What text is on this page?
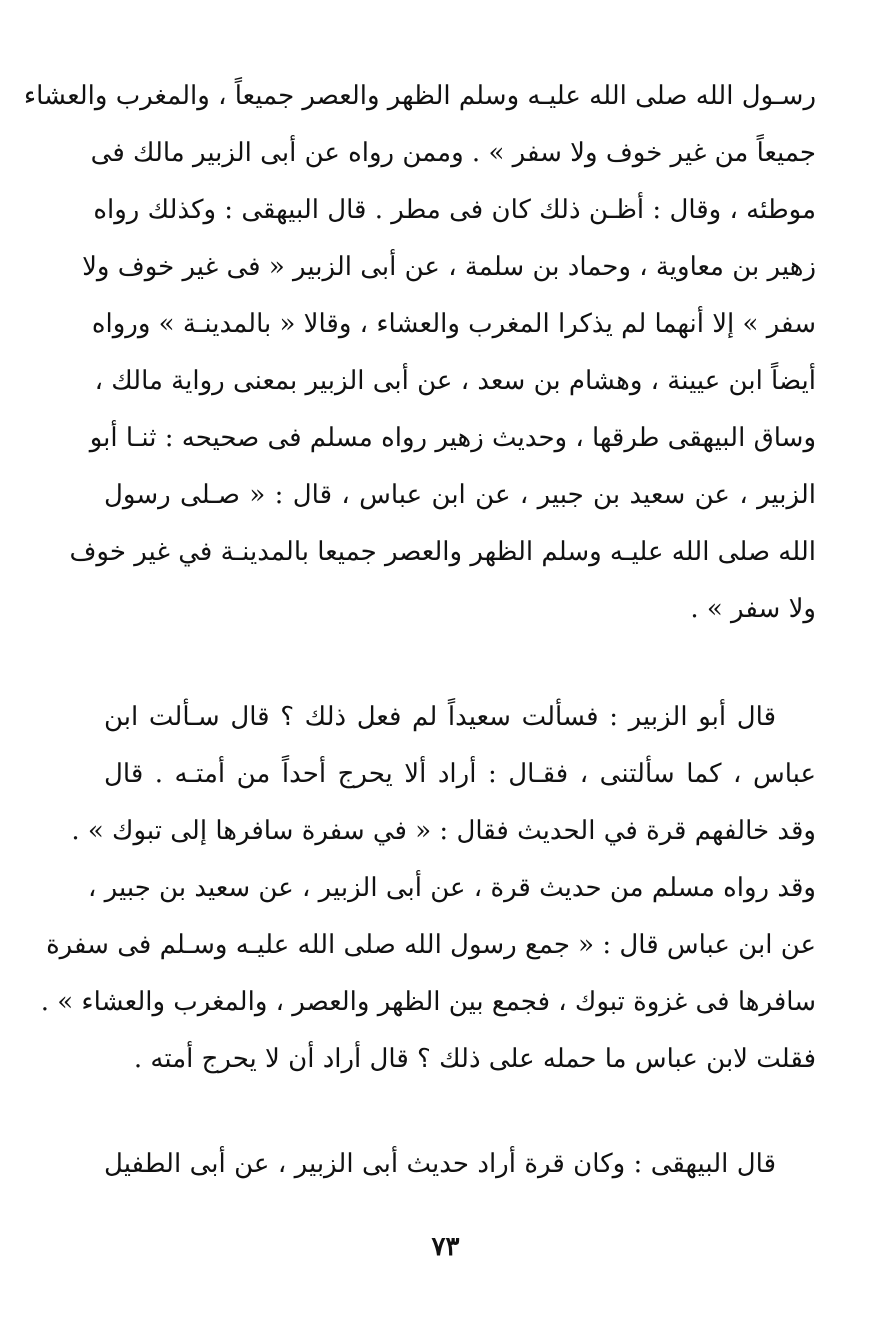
رسـول الله صلى الله عليـه وسلم الظهر والعصر جميعاً ، والمغرب والعشاء
جميعاً من غير خوف ولا سفر » . وممن رواه عن أبى الزبير مالك فى
موطئه ، وقال : أظـن ذلك كان فى مطر . قال البيهقى : وكذلك رواه
زهير بن معاوية ، وحماد بن سلمة ، عن أبى الزبير « فى غير خوف ولا
سفر » إلا أنهما لم يذكرا المغرب والعشاء ، وقالا « بالمدينـة » ورواه
أيضاً ابن عيينة ، وهشام بن سعد ، عن أبى الزبير بمعنى رواية مالك ،
وساق البيهقى طرقها ، وحديث زهير رواه مسلم فى صحيحه : ثنـا أبو
الزبير ، عن سعيد بن جبير ، عن ابن عباس ، قال : « صـلى رسول
الله صلى الله عليـه وسلم الظهر والعصر جميعا بالمدينـة في غير خوف
ولا سفر » .
قال أبو الزبير : فسألت سعيداً لم فعل ذلك ؟ قال سـألت ابن
عباس ، كما سألتنى ، فقـال : أراد ألا يحرج أحداً من أمتـه . قال
وقد خالفهم قرة في الحديث فقال : « في سفرة سافرها إلى تبوك » .
وقد رواه مسلم من حديث قرة ، عن أبى الزبير ، عن سعيد بن جبير ،
عن ابن عباس قال : « جمع رسول الله صلى الله عليـه وسـلم فى سفرة
سافرها فى غزوة تبوك ، فجمع بين الظهر والعصر ، والمغرب والعشاء » .
فقلت لابن عباس ما حمله على ذلك ؟ قال أراد أن لا يحرج أمته .
قال البيهقى : وكان قرة أراد حديث أبى الزبير ، عن أبى الطفيل
٧٣
